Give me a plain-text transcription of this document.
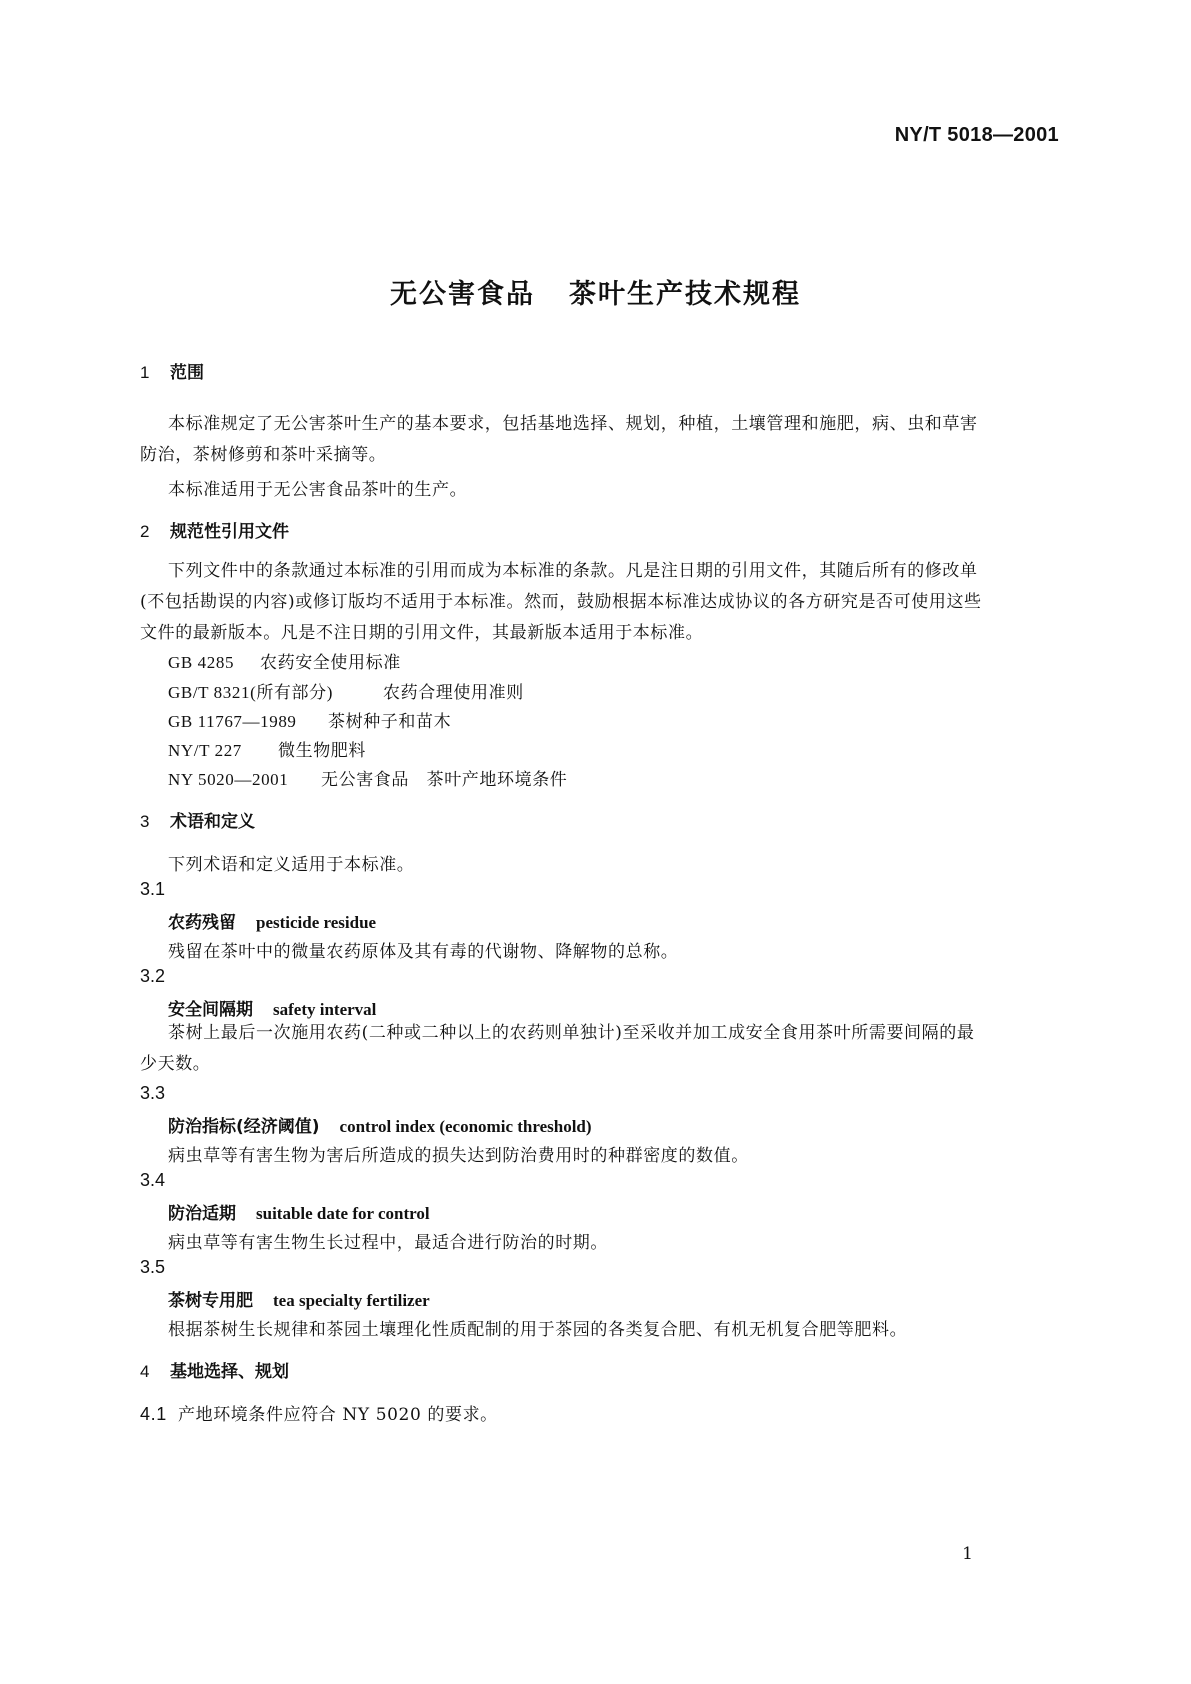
NY/T 5018—2001
无公害食品 茶叶生产技术规程
1 范围
本标准规定了无公害茶叶生产的基本要求，包括基地选择、规划，种植，土壤管理和施肥，病、虫和草害防治，茶树修剪和茶叶采摘等。
本标准适用于无公害食品茶叶的生产。
2 规范性引用文件
下列文件中的条款通过本标准的引用而成为本标准的条款。凡是注日期的引用文件，其随后所有的修改单(不包括勘误的内容)或修订版均不适用于本标准。然而，鼓励根据本标准达成协议的各方研究是否可使用这些文件的最新版本。凡是不注日期的引用文件，其最新版本适用于本标准。
GB 4285 农药安全使用标准
GB/T 8321(所有部分)	农药合理使用准则
GB 11767—1989 茶树种子和苗木
NY/T 227 微生物肥料
NY 5020—2001 无公害食品　茶叶产地环境条件
3 术语和定义
下列术语和定义适用于本标准。
3.1
农药残留 pesticide residue
残留在茶叶中的微量农药原体及其有毒的代谢物、降解物的总称。
3.2
安全间隔期 safety interval
茶树上最后一次施用农药(二种或二种以上的农药则单独计)至采收并加工成安全食用茶叶所需要间隔的最少天数。
3.3
防治指标(经济阈值) control index (economic threshold)
病虫草等有害生物为害后所造成的损失达到防治费用时的种群密度的数值。
3.4
防治适期 suitable date for control
病虫草等有害生物生长过程中，最适合进行防治的时期。
3.5
茶树专用肥 tea specialty fertilizer
根据茶树生长规律和茶园土壤理化性质配制的用于茶园的各类复合肥、有机无机复合肥等肥料。
4 基地选择、规划
4.1 产地环境条件应符合 NY 5020 的要求。
1
